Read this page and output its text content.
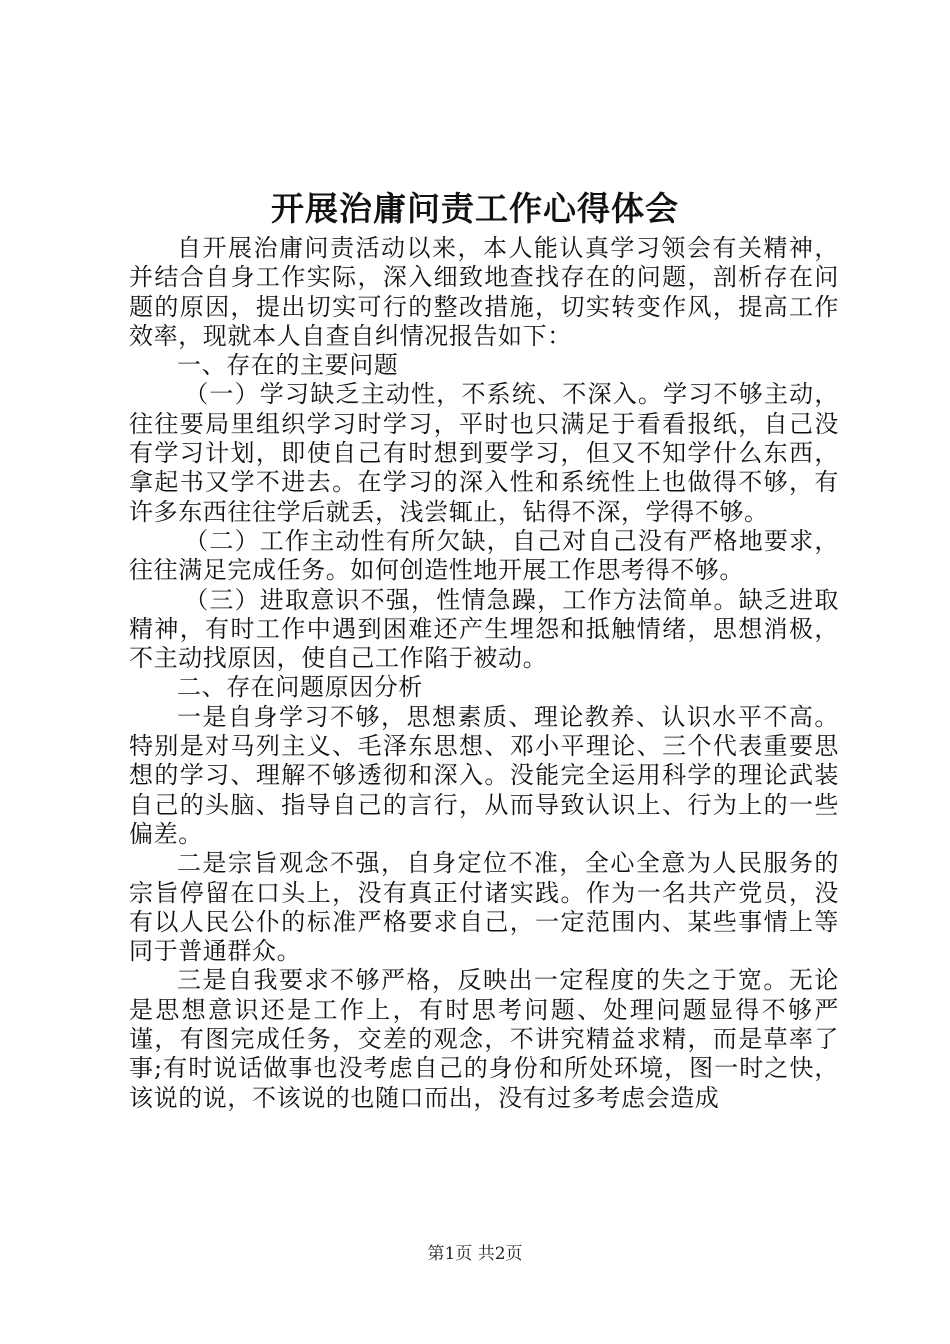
开展治庸问责工作心得体会

自开展治庸问责活动以来，本人能认真学习领会有关精神，并结合自身工作实际，深入细致地查找存在的问题，剖析存在问题的原因，提出切实可行的整改措施，切实转变作风，提高工作效率，现就本人自查自纠情况报告如下：

一、存在的主要问题

（一）学习缺乏主动性，不系统、不深入。学习不够主动，往往要局里组织学习时学习，平时也只满足于看看报纸，自己没有学习计划，即使自己有时想到要学习，但又不知学什么东西，拿起书又学不进去。在学习的深入性和系统性上也做得不够，有许多东西往往学后就丢，浅尝辄止，钻得不深，学得不够。

（二）工作主动性有所欠缺，自己对自己没有严格地要求，往往满足完成任务。如何创造性地开展工作思考得不够。

（三）进取意识不强，性情急躁，工作方法简单。缺乏进取精神，有时工作中遇到困难还产生埋怨和抵触情绪，思想消极，不主动找原因，使自己工作陷于被动。

二、存在问题原因分析

一是自身学习不够，思想素质、理论教养、认识水平不高。特别是对马列主义、毛泽东思想、邓小平理论、三个代表重要思想的学习、理解不够透彻和深入。没能完全运用科学的理论武装自己的头脑、指导自己的言行，从而导致认识上、行为上的一些偏差。

二是宗旨观念不强，自身定位不准，全心全意为人民服务的宗旨停留在口头上，没有真正付诸实践。作为一名共产党员，没有以人民公仆的标准严格要求自己，一定范围内、某些事情上等同于普通群众。

三是自我要求不够严格，反映出一定程度的失之于宽。无论是思想意识还是工作上，有时思考问题、处理问题显得不够严谨，有图完成任务，交差的观念，不讲究精益求精，而是草率了事;有时说话做事也没考虑自己的身份和所处环境，图一时之快，该说的说，不该说的也随口而出，没有过多考虑会造成

第1页 共2页
